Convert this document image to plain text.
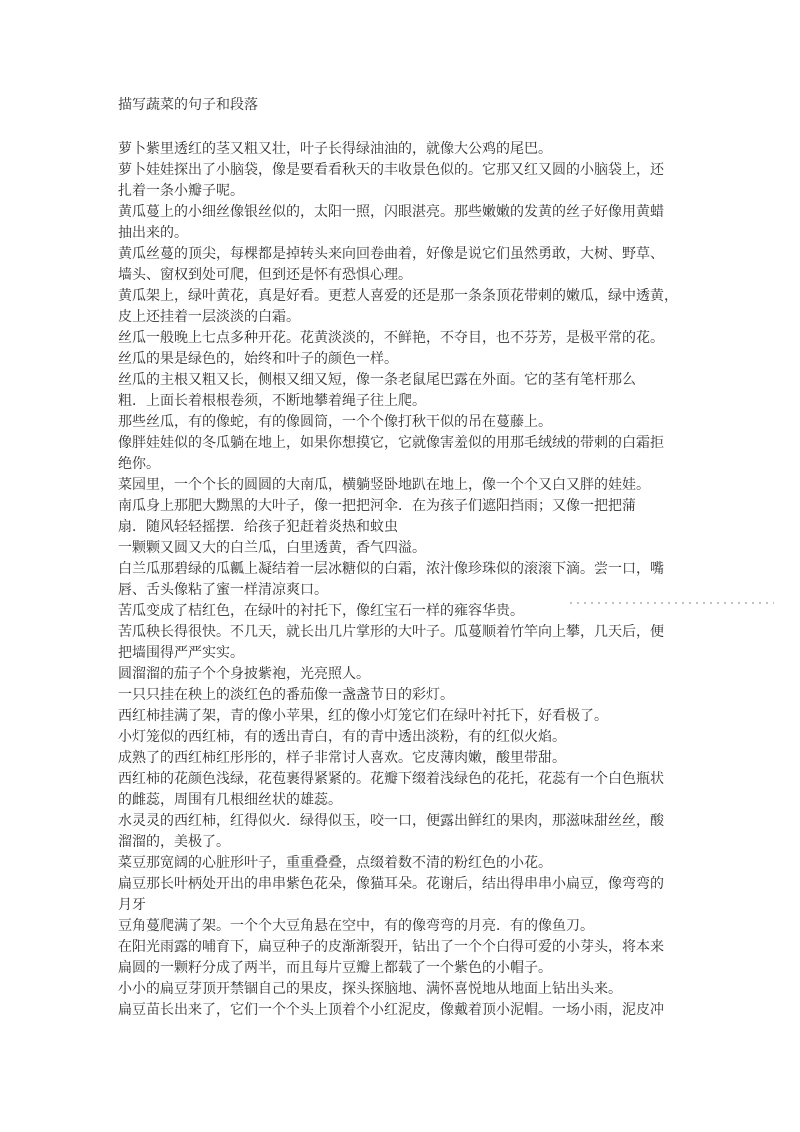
描写蔬菜的句子和段落
萝卜紫里透红的茎又粗又壮，叶子长得绿油油的，就像大公鸡的尾巴。
萝卜娃娃探出了小脑袋，像是要看看秋天的丰收景色似的。它那又红又圆的小脑袋上，还
扎着一条小瓣子呢。
黄瓜蔓上的小细丝像银丝似的，太阳一照，闪眼湛亮。那些嫩嫩的发黄的丝子好像用黄蜡
抽出来的。
黄瓜丝蔓的顶尖，每棵都是掉转头来向回卷曲着，好像是说它们虽然勇敢，大树、野草、
墙头、窗权到处可爬，但到还是怀有恐惧心理。
黄瓜架上，绿叶黄花，真是好看。更惹人喜爱的还是那一条条顶花带刺的嫩瓜，绿中透黄，
皮上还挂着一层淡淡的白霜。
丝瓜一般晚上七点多种开花。花黄淡淡的，不鲜艳，不夺目，也不芬芳，是极平常的花。
丝瓜的果是绿色的，始终和叶子的颜色一样。
丝瓜的主根又粗又长，侧根又细又短，像一条老鼠尾巴露在外面。它的茎有笔杆那么
粗．上面长着根根卷须，不断地攀着绳子往上爬。
那些丝瓜，有的像蛇，有的像圆筒，一个个像打秋干似的吊在蔓藤上。
像胖娃娃似的冬瓜躺在地上，如果你想摸它，它就像害羞似的用那毛绒绒的带刺的白霜拒
绝你。
菜园里，一个个长的圆圆的大南瓜，横躺竖卧地趴在地上，像一个个又白又胖的娃娃。
南瓜身上那肥大黝黑的大叶子，像一把把河伞．在为孩子们遮阳挡雨；又像一把把蒲
扇．随风轻轻摇摆．给孩子犯赶着炎热和蚊虫
一颗颗又圆又大的白兰瓜，白里透黄，香气四溢。
白兰瓜那碧绿的瓜瓤上凝结着一层冰糖似的白霜，浓汁像珍珠似的滚滚下滴。尝一口，嘴
唇、舌头像粘了蜜一样清凉爽口。
苦瓜变成了桔红色，在绿叶的衬托下，像红宝石一样的雍容华贵。
苦瓜秧长得很快。不几天，就长出几片掌形的大叶子。瓜蔓顺着竹竿向上攀，几天后，便
把墙围得严严实实。
圆溜溜的茄子个个身披紫袍，光亮照人。
一只只挂在秧上的淡红色的番茄像一盏盏节日的彩灯。
西红柿挂满了架，青的像小苹果，红的像小灯笼它们在绿叶衬托下，好看极了。
小灯笼似的西红柿，有的透出青白，有的青中透出淡粉，有的红似火焰。
成熟了的西红柿红彤彤的，样子非常讨人喜欢。它皮薄肉嫩，酸里带甜。
西红柿的花颜色浅绿，花苞裹得紧紧的。花瓣下缀着浅绿色的花托，花蕊有一个白色瓶状
的雌蕊，周围有几根细丝状的雄蕊。
水灵灵的西红柿，红得似火．绿得似玉，咬一口，便露出鲜红的果肉，那滋味甜丝丝，酸
溜溜的，美极了。
菜豆那宽阔的心脏形叶子，重重叠叠，点缀着数不清的粉红色的小花。
扁豆那长叶柄处开出的串串紫色花朵，像猫耳朵。花谢后，结出得串串小扁豆，像弯弯的
月牙
豆角蔓爬满了架。一个个大豆角悬在空中，有的像弯弯的月亮．有的像鱼刀。
在阳光雨露的哺育下，扁豆种子的皮渐渐裂开，钻出了一个个白得可爱的小芽头，将本来
扁圆的一颗籽分成了两半，而且每片豆瓣上都载了一个紫色的小帽子。
小小的扁豆芽顶开禁锢自己的果皮，探头探脑地、满怀喜悦地从地面上钻出头来。
扁豆苗长出来了，它们一个个头上顶着个小红泥皮，像戴着顶小泥帽。一场小雨，泥皮冲
